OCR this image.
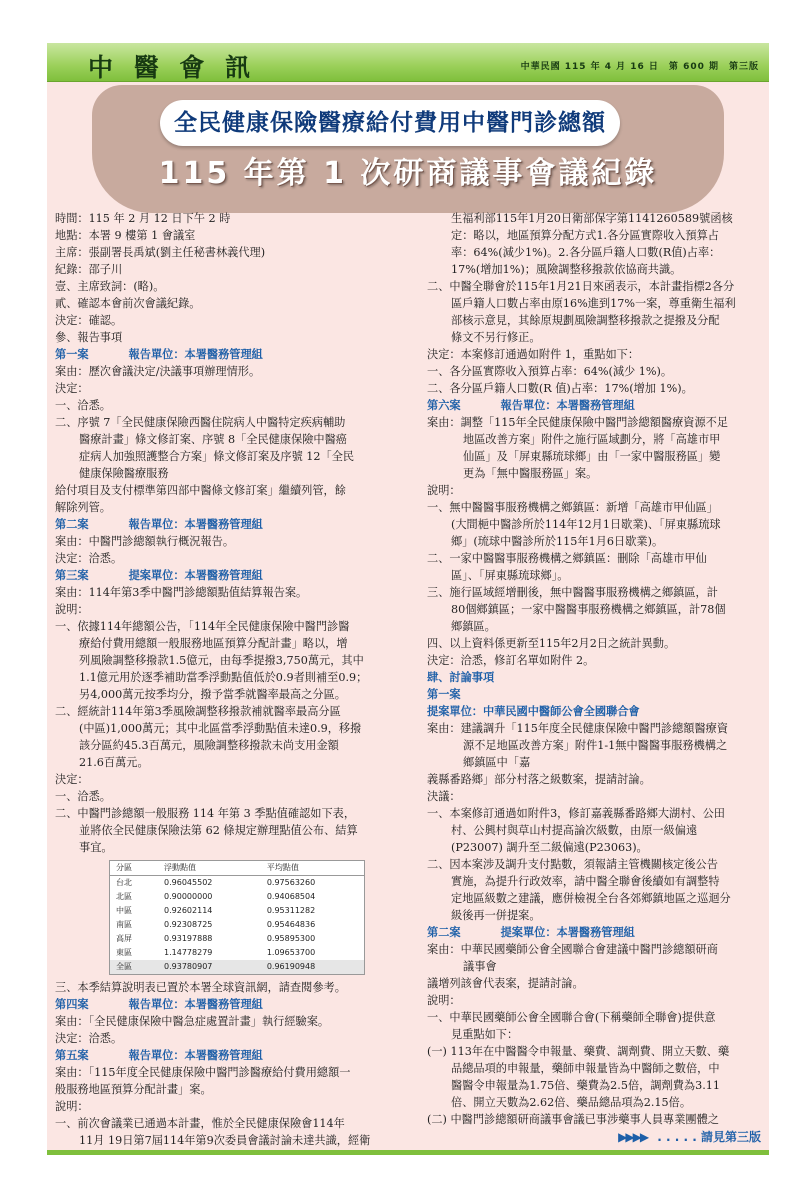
中 醫 會 訊	中華民國 115 年 4 月 16 日　第 600 期　第三版
全民健康保險醫療給付費用中醫門診總額
115 年第 1 次研商議事會議紀錄
時間：115 年 2 月 12 日下午 2 時
地點：本署 9 樓第 1 會議室
主席：張副署長禹斌(劉主任秘書林義代理)
紀錄：邵子川
壹、主席致詞：(略)。
貳、確認本會前次會議紀錄。
決定：確認。
參、報告事項
第一案	報告單位：本署醫務管理組
案由：歷次會議決定/決議事項辦理情形。
決定：
一、洽悉。
二、序號 7「全民健康保險西醫住院病人中醫特定疾病輔助
醫療計畫」條文修訂案、序號 8「全民健康保險中醫癌
症病人加強照護整合方案」條文修訂案及序號 12「全民
健康保險醫療服務
給付項目及支付標準第四部中醫條文修訂案」繼續列管，餘
解除列管。
第二案	報告單位：本署醫務管理組
案由：中醫門診總額執行概況報告。
決定：洽悉。
第三案	提案單位：本署醫務管理組
案由：114年第3季中醫門診總額點值結算報告案。
說明：
一、依據114年總額公告，「114年全民健康保險中醫門診醫
療給付費用總額一般服務地區預算分配計畫」略以，增
列風險調整移撥款1.5億元，由每季提撥3,750萬元，其中
1.1億元用於逐季補助當季浮動點值低於0.9者則補至0.9；
另4,000萬元按季均分，撥予當季就醫率最高之分區。
二、經統計114年第3季風險調整移撥款補就醫率最高分區
(中區)1,000萬元；其中北區當季浮動點值未達0.9，移撥
該分區約45.3百萬元，風險調整移撥款未尚支用金額
21.6百萬元。
決定：
一、洽悉。
二、中醫門診總額一般服務 114 年第 3 季點值確認如下表，
並將依全民健康保險法第 62 條規定辦理點值公布、結算
事宜。
分區	浮動點值	平均點值
台北	0.96045502	0.97563260
北區	0.90000000	0.94068504
中區	0.92602114	0.95311282
南區	0.92308725	0.95464836
高屏	0.93197888	0.95895300
東區	1.14778279	1.09653700
全區	0.93780907	0.96190948
三、本季結算說明表已置於本署全球資訊網，請查閱參考。
第四案	報告單位：本署醫務管理組
案由：「全民健康保險中醫急症處置計畫」執行經驗案。
決定：洽悉。
第五案	報告單位：本署醫務管理組
案由：「115年度全民健康保險中醫門診醫療給付費用總額一
般服務地區預算分配計畫」案。
說明：
一、前次會議業已通過本計畫，惟於全民健康保險會114年
11月 19日第7屆114年第9次委員會議討論未達共識，經衛
生福利部115年1月20日衛部保字第1141260589號函核
定：略以，地區預算分配方式1.各分區實際收入預算占
率：64%(減少1%)。2.各分區戶籍人口數(R值)占率：
17%(增加1%)；風險調整移撥款依協商共識。
二、中醫全聯會於115年1月21日來函表示，本計畫指標2各分
區戶籍人口數占率由原16%進到17%一案，尊重衛生福利
部核示意見，其餘原規劃風險調整移撥款之提撥及分配
條文不另行修正。
決定：本案修訂通過如附件 1，重點如下：
一、各分區實際收入預算占率：64%(減少 1%)。
二、各分區戶籍人口數(R 值)占率：17%(增加 1%)。
第六案	報告單位：本署醫務管理組
案由：調整「115年全民健康保險中醫門診總額醫療資源不足
地區改善方案」附件之施行區域劃分，將「高雄市甲
仙區」及「屏東縣琉球鄉」由「一家中醫服務區」變
更為「無中醫服務區」案。
說明：
一、無中醫醫事服務機構之鄉鎮區：新增「高雄市甲仙區」
(大間梔中醫診所於114年12月1日歇業)、「屏東縣琉球
鄉」(琉球中醫診所於115年1月6日歇業)。
二、一家中醫醫事服務機構之鄉鎮區：刪除「高雄市甲仙
區」、「屏東縣琉球鄉」。
三、施行區域經增刪後，無中醫醫事服務機構之鄉鎮區，計
80個鄉鎮區；一家中醫醫事服務機構之鄉鎮區，計78個
鄉鎮區。
四、以上資料係更新至115年2月2日之統計異動。
決定：洽悉，修訂名單如附件 2。
肆、討論事項
第一案
提案單位：中華民國中醫師公會全國聯合會
案由：建議調升「115年度全民健康保險中醫門診總額醫療資
源不足地區改善方案」附件1-1無中醫醫事服務機構之
鄉鎮區中「嘉
義縣番路鄉」部分村落之級數案，提請討論。
決議：
一、本案修訂通過如附件3，修訂嘉義縣番路鄉大湖村、公田
村、公興村與草山村提高論次級數，由原一級偏遠
(P23007) 調升至二級偏遠(P23063)。
二、因本案涉及調升支付點數，須報請主管機關核定後公告
實施，為提升行政效率，請中醫全聯會後續如有調整特
定地區級數之建議，應併檢視全台各郊鄉鎮地區之巡迴分
級後再一併提案。
第二案	提案單位：本署醫務管理組
案由：中華民國藥師公會全國聯合會建議中醫門診總額研商
議事會
議增列該會代表案，提請討論。
說明：
一、中華民國藥師公會全國聯合會(下稱藥師全聯會)提供意
見重點如下：
(一) 113年在中醫醫令申報量、藥費、調劑費、開立天數、藥
品總品項的申報量，藥師申報量皆為中醫師之數倍，中
醫醫令申報量為1.75倍、藥費為2.5倍，調劑費為3.11
倍、開立天數為2.62倍、藥品總品項為2.15倍。
(二) 中醫門診總額研商議事會議已事涉藥事人員專業團體之
▶▶▶▶ . . . . . 請見第三版
